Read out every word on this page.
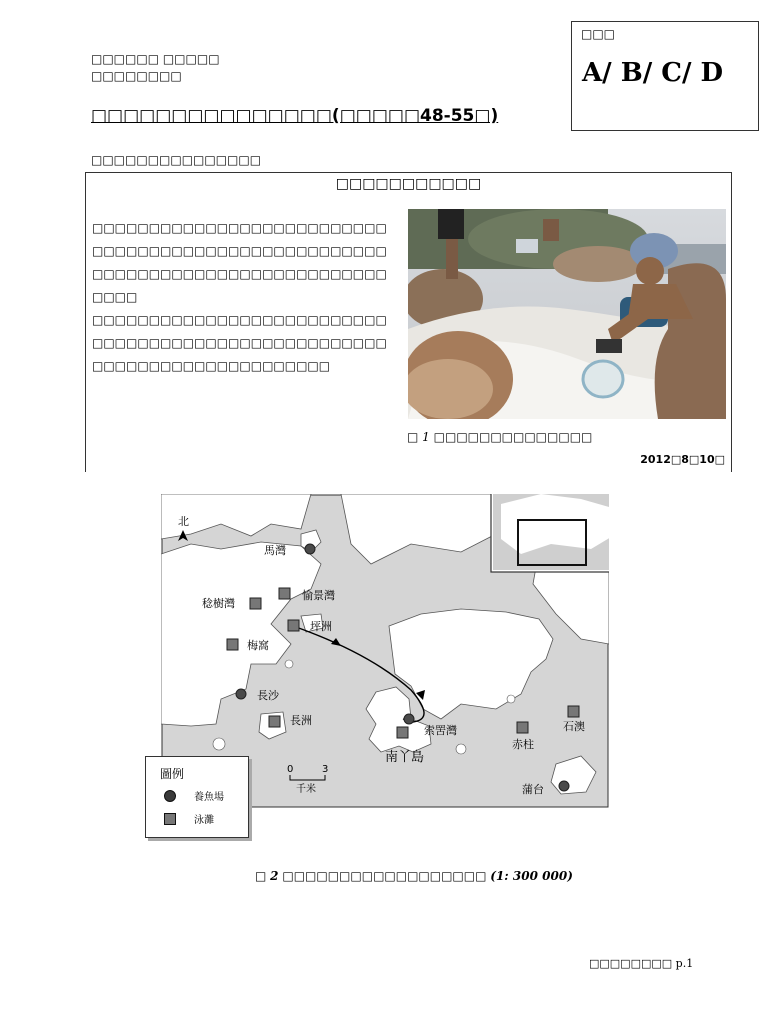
□□□□□□ □□□□□
□□□□□□□□
□□□
A/ B/ C/ D
□□□□□□□□□□□□□□□(□□□□□48-55□)
□□□□□□□□□□□□□□□
□□□□□□□□□□□

□□□□□□□□□□□□□□□□□□□□□□□□□□□□□□□□□□□□□□□□□□□□□□□□□□□□□□□□□□□□□□□□□□□□□□□□□□□□□□□□□□

□□□□□□□□□□□□□□□□□□□□□□□□□□□□□□□□□□□□□□□□□□□□□□□□□□□□□□□□□□□□□□□□□□□□□□□□□

□ 1 □□□□□□□□□□□□□□
2012□8□10□
北
馬灣
愉景灣
稔樹灣
坪洲
梅窩
長沙
長洲
索罟灣
南丫島
赤柱
石澳
蒲台
0	3
千米
圖例
養魚場
泳灘
□ 2 □□□□□□□□□□□□□□□□□□ (1: 300 000)
□□□□□□□□ p.1
